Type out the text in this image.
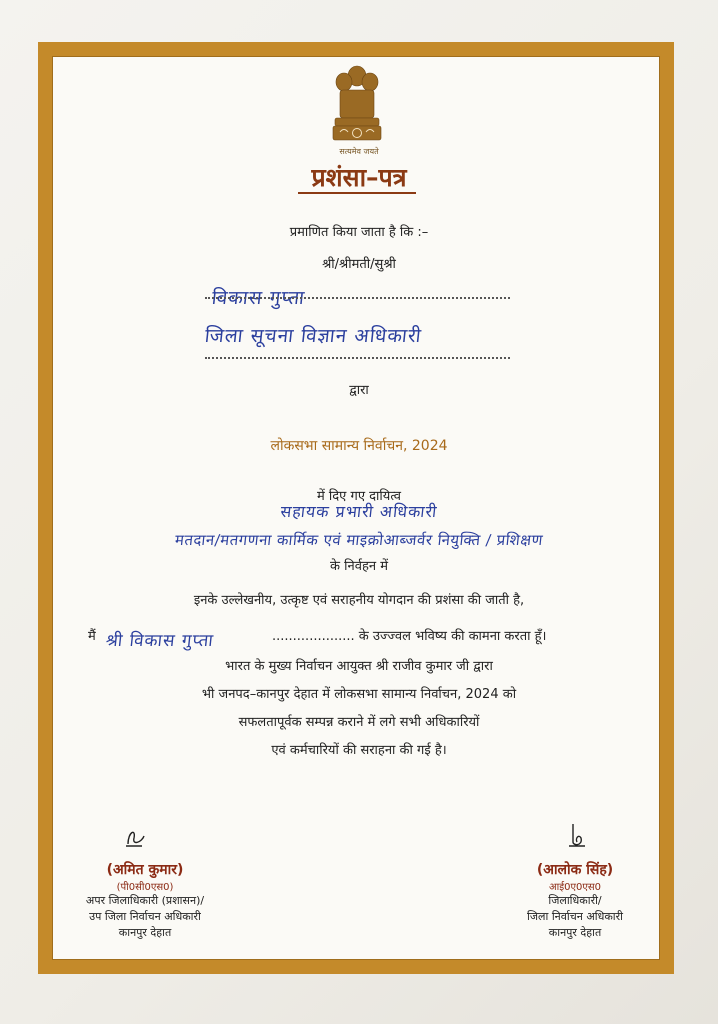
सत्यमेव जयते
प्रशंसा–पत्र
प्रमाणित किया जाता है कि :–
श्री/श्रीमती/सुश्री
विकास गुप्ता
जिला सूचना विज्ञान अधिकारी
द्वारा
लोकसभा सामान्य निर्वाचन, 2024
में दिए गए दायित्व
सहायक प्रभारी अधिकारी
मतदान/मतगणना कार्मिक एवं माइक्रोआब्जर्वर नियुक्ति / प्रशिक्षण
के निर्वहन में
इनके उल्लेखनीय, उत्कृष्ट एवं सराहनीय योगदान की प्रशंसा की जाती है,
मैं श्री विकास गुप्ता	.................... के उज्ज्वल भविष्य की कामना करता हूँ।
भारत के मुख्य निर्वाचन आयुक्त श्री राजीव कुमार जी द्वारा
भी जनपद–कानपुर देहात में लोकसभा सामान्य निर्वाचन, 2024 को
सफलतापूर्वक सम्पन्न कराने में लगे सभी अधिकारियों
एवं कर्मचारियों की सराहना की गई है।
(अमित कुमार)
(पी0सी0एस0)
अपर जिलाधिकारी (प्रशासन)/
उप जिला निर्वाचन अधिकारी
कानपुर देहात
(आलोक सिंह)
आई0ए0एस0
जिलाधिकारी/
जिला निर्वाचन अधिकारी
कानपुर देहात
